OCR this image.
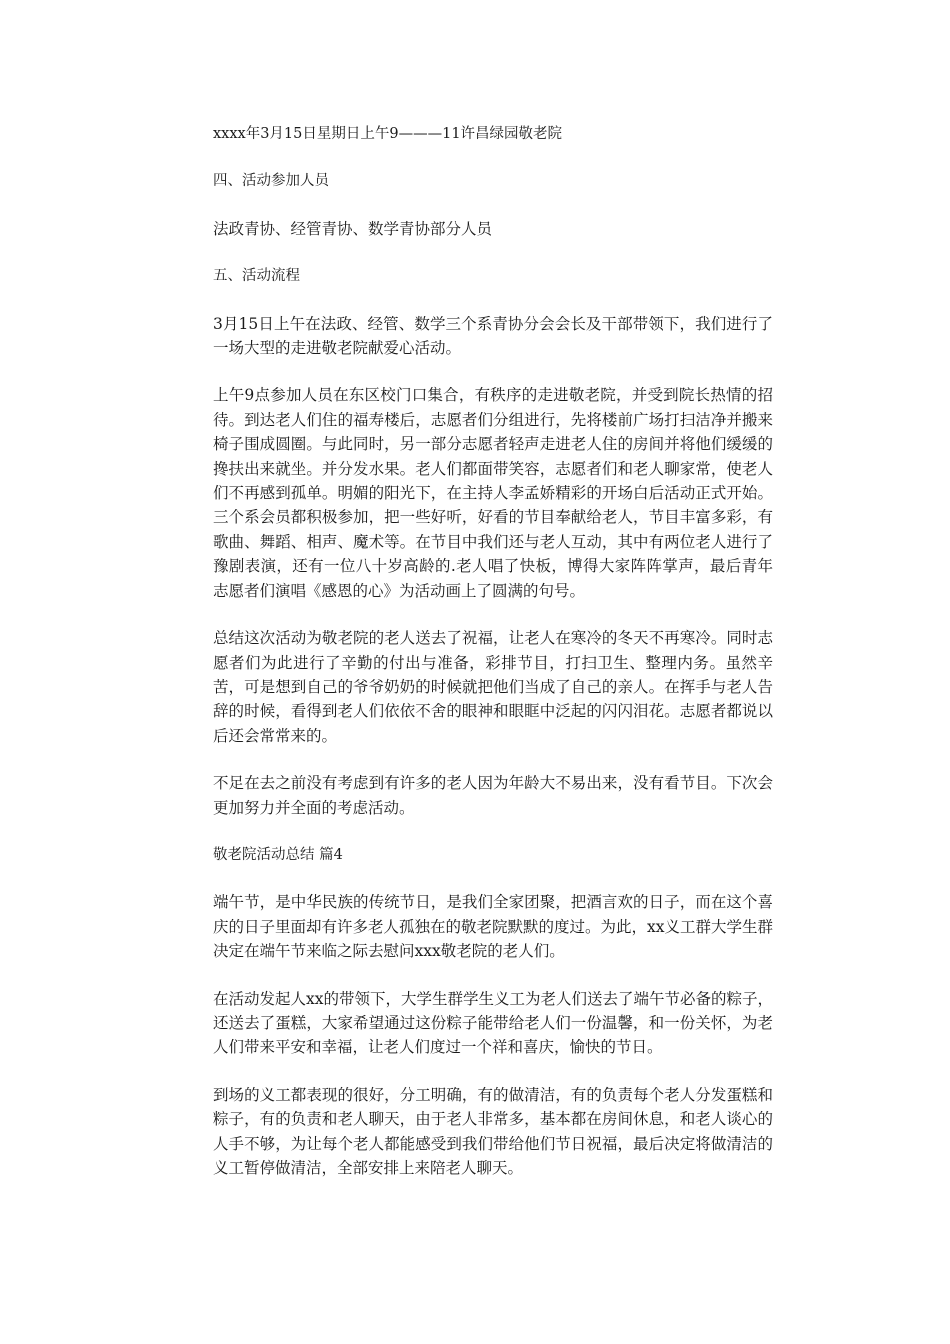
xxxx年3月15日星期日上午9———11许昌绿园敬老院

四、活动参加人员

法政青协、经管青协、数学青协部分人员

五、活动流程

3月15日上午在法政、经管、数学三个系青协分会会长及干部带领下，我们进行了一场大型的走进敬老院献爱心活动。

上午9点参加人员在东区校门口集合，有秩序的走进敬老院，并受到院长热情的招待。到达老人们住的福寿楼后，志愿者们分组进行，先将楼前广场打扫洁净并搬来椅子围成圆圈。与此同时，另一部分志愿者轻声走进老人住的房间并将他们缓缓的搀扶出来就坐。并分发水果。老人们都面带笑容，志愿者们和老人聊家常，使老人们不再感到孤单。明媚的阳光下，在主持人李孟娇精彩的开场白后活动正式开始。三个系会员都积极参加，把一些好听，好看的节目奉献给老人，节目丰富多彩，有歌曲、舞蹈、相声、魔术等。在节目中我们还与老人互动，其中有两位老人进行了豫剧表演，还有一位八十岁高龄的.老人唱了快板，博得大家阵阵掌声，最后青年志愿者们演唱《感恩的心》为活动画上了圆满的句号。

总结这次活动为敬老院的老人送去了祝福，让老人在寒冷的冬天不再寒冷。同时志愿者们为此进行了辛勤的付出与准备，彩排节目，打扫卫生、整理内务。虽然辛苦，可是想到自己的爷爷奶奶的时候就把他们当成了自己的亲人。在挥手与老人告辞的时候，看得到老人们依依不舍的眼神和眼眶中泛起的闪闪泪花。志愿者都说以后还会常常来的。

不足在去之前没有考虑到有许多的老人因为年龄大不易出来，没有看节目。下次会更加努力并全面的考虑活动。

敬老院活动总结 篇4

端午节，是中华民族的传统节日，是我们全家团聚，把酒言欢的日子，而在这个喜庆的日子里面却有许多老人孤独在的敬老院默默的度过。为此，xx义工群大学生群决定在端午节来临之际去慰问xxx敬老院的老人们。

在活动发起人xx的带领下，大学生群学生义工为老人们送去了端午节必备的粽子，还送去了蛋糕，大家希望通过这份粽子能带给老人们一份温馨，和一份关怀，为老人们带来平安和幸福，让老人们度过一个祥和喜庆，愉快的节日。

到场的义工都表现的很好，分工明确，有的做清洁，有的负责每个老人分发蛋糕和粽子，有的负责和老人聊天，由于老人非常多，基本都在房间休息，和老人谈心的人手不够，为让每个老人都能感受到我们带给他们节日祝福，最后决定将做清洁的义工暂停做清洁，全部安排上来陪老人聊天。
